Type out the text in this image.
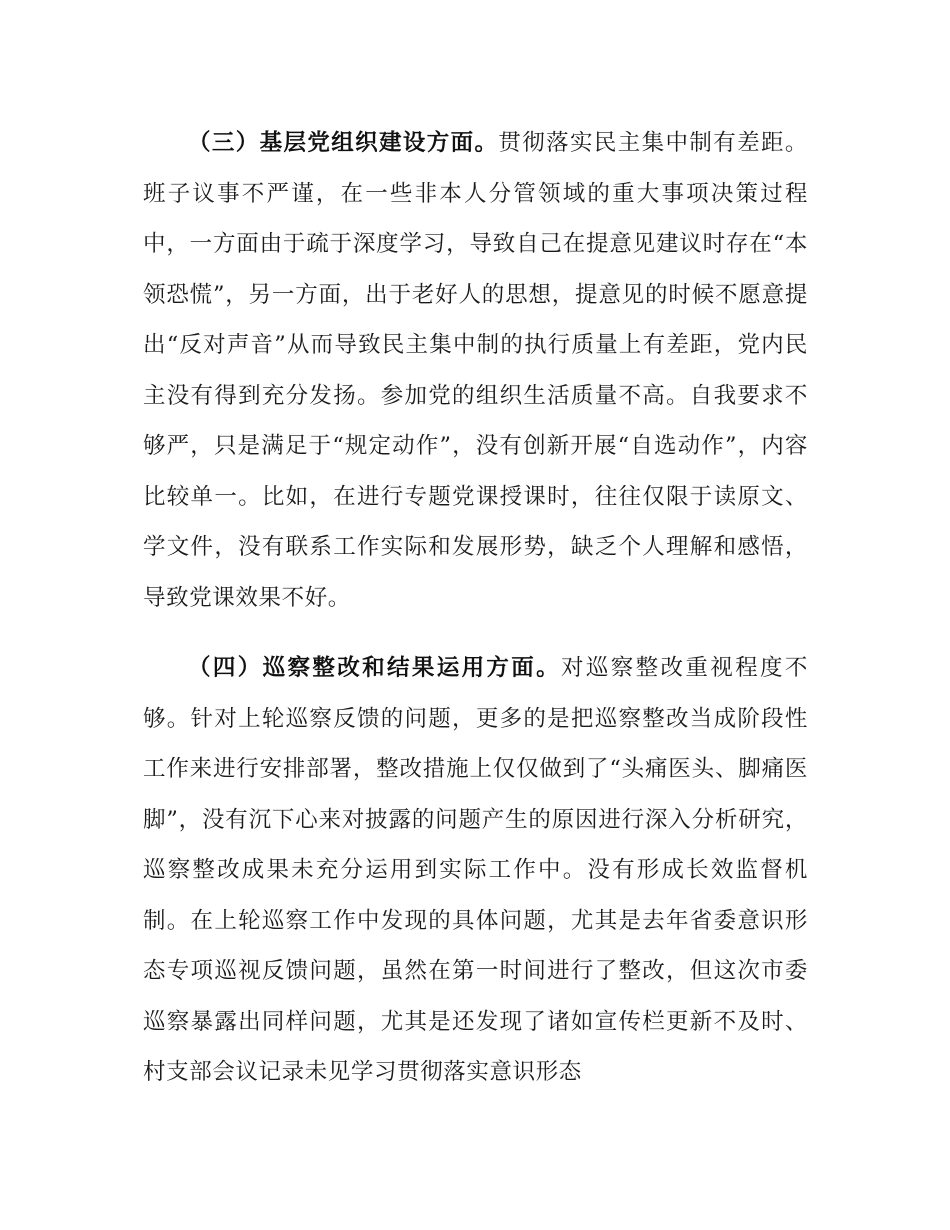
（三）基层党组织建设方面。贯彻落实民主集中制有差距。班子议事不严谨，在一些非本人分管领域的重大事项决策过程中，一方面由于疏于深度学习，导致自己在提意见建议时存在“本领恐慌”，另一方面，出于老好人的思想，提意见的时候不愿意提出“反对声音”从而导致民主集中制的执行质量上有差距，党内民主没有得到充分发扬。参加党的组织生活质量不高。自我要求不够严，只是满足于“规定动作”，没有创新开展“自选动作”，内容比较单一。比如，在进行专题党课授课时，往往仅限于读原文、学文件，没有联系工作实际和发展形势，缺乏个人理解和感悟，导致党课效果不好。

（四）巡察整改和结果运用方面。对巡察整改重视程度不够。针对上轮巡察反馈的问题，更多的是把巡察整改当成阶段性工作来进行安排部署，整改措施上仅仅做到了“头痛医头、脚痛医脚”，没有沉下心来对披露的问题产生的原因进行深入分析研究，巡察整改成果未充分运用到实际工作中。没有形成长效监督机制。在上轮巡察工作中发现的具体问题，尤其是去年省委意识形态专项巡视反馈问题，虽然在第一时间进行了整改，但这次市委巡察暴露出同样问题，尤其是还发现了诸如宣传栏更新不及时、村支部会议记录未见学习贯彻落实意识形态
